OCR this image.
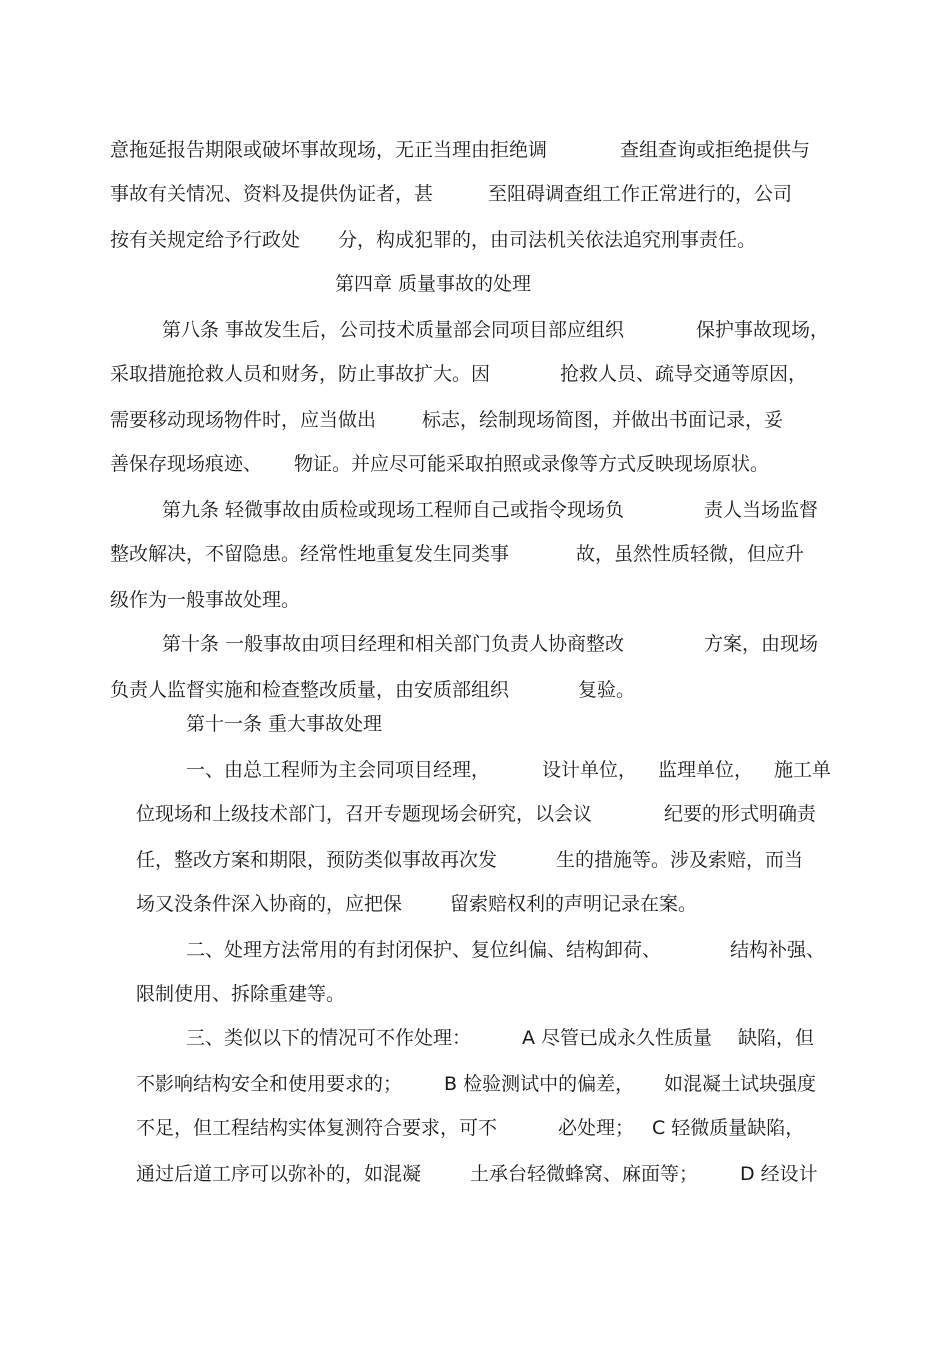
意拖延报告期限或破坏事故现场，无正当理由拒绝调	查组查询或拒绝提供与
事故有关情况、资料及提供伪证者，甚	至阻碍调查组工作正常进行的，公司
按有关规定给予行政处 分，构成犯罪的，由司法机关依法追究刑事责任。
第四章 质量事故的处理
第八条 事故发生后，公司技术质量部会同项目部应组织	保护事故现场，
采取措施抢救人员和财务，防止事故扩大。因	抢救人员、疏导交通等原因，
需要移动现场物件时，应当做出 标志，绘制现场简图，并做出书面记录，妥
善保存现场痕迹、 物证。并应尽可能采取拍照或录像等方式反映现场原状。
第九条 轻微事故由质检或现场工程师自己或指令现场负	责人当场监督
整改解决，不留隐患。经常性地重复发生同类事	故，虽然性质轻微，但应升
级作为一般事故处理。
第十条 一般事故由项目经理和相关部门负责人协商整改	方案，由现场
负责人监督实施和检查整改质量，由安质部组织	复验。
第十一条 重大事故处理
一、由总工程师为主会同项目经理，	设计单位， 监理单位， 施工单
位现场和上级技术部门，召开专题现场会研究，以会议	纪要的形式明确责
任，整改方案和期限，预防类似事故再次发	生的措施等。涉及索赔，而当
场又没条件深入协商的，应把保	留索赔权利的声明记录在案。
二、处理方法常用的有封闭保护、复位纠偏、结构卸荷、	结构补强、
限制使用、拆除重建等。
三、类似以下的情况可不作处理：	A 尽管已成永久性质量 缺陷，但
不影响结构安全和使用要求的； B 检验测试中的偏差， 如混凝土试块强度
不足，但工程结构实体复测符合要求，可不	必处理； C 轻微质量缺陷，
通过后道工序可以弥补的，如混凝	土承台轻微蜂窝、麻面等； D 经设计
